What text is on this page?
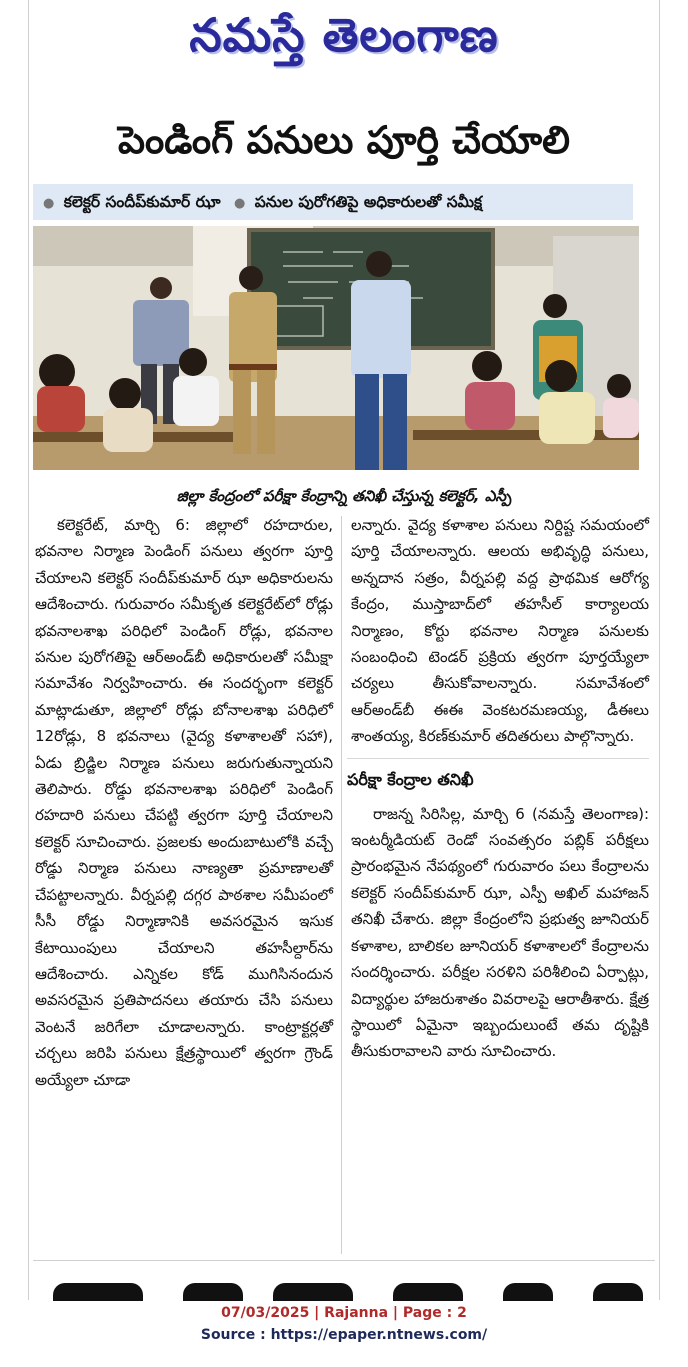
నమస్తే తెలంగాణ
పెండింగ్ పనులు పూర్తి చేయాలి
● కలెక్టర్ సందీప్‌కుమార్ ఝా ● పనుల పురోగతిపై అధికారులతో సమీక్ష
జిల్లా కేంద్రంలో పరీక్షా కేంద్రాన్ని తనిఖీ చేస్తున్న కలెక్టర్, ఎస్పీ

కలెక్టరేట్, మార్చి 6: జిల్లాలో రహదారుల, భవనాల నిర్మాణ పెండింగ్ పనులు త్వరగా పూర్తి చేయాలని కలెక్టర్ సందీప్‌కుమార్ ఝా అధికారులను ఆదేశించారు. గురువారం సమీకృత కలెక్టరేట్‌లో రోడ్లు భవనాలశాఖ పరిధిలో పెండింగ్ రోడ్లు, భవనాల పనుల పురోగతిపై ఆర్‌అండ్‌బీ అధికారులతో సమీక్షా సమావేశం నిర్వహించారు. ఈ సందర్భంగా కలెక్టర్ మాట్లాడుతూ, జిల్లాలో రోడ్లు బోనాలశాఖ పరిధిలో 12రోడ్లు, 8 భవనాలు (వైద్య కళాశాలతో సహా), ఏడు బ్రిడ్జిల నిర్మాణ పనులు జరుగుతున్నాయని తెలిపారు. రోడ్డు భవనాలశాఖ పరిధిలో పెండింగ్ రహదారి పనులు చేపట్టి త్వరగా పూర్తి చేయాలని కలెక్టర్ సూచించారు. ప్రజలకు అందుబాటులోకి వచ్చే రోడ్డు నిర్మాణ పనులు నాణ్యతా ప్రమాణాలతో చేపట్టాలన్నారు. వీర్నపల్లి దగ్గర పాఠశాల సమీపంలో సీసీ రోడ్డు నిర్మాణానికి అవసరమైన ఇసుక కేటాయింపులు చేయాలని తహసీల్దార్‌ను ఆదేశించారు. ఎన్నికల కోడ్ ముగిసినందున అవసరమైన ప్రతిపాదనలు తయారు చేసి పనులు వెంటనే జరిగేలా చూడాలన్నారు. కాంట్రాక్టర్లతో చర్చలు జరిపి పనులు క్షేత్రస్థాయిలో త్వరగా గ్రౌండ్ అయ్యేలా చూడా

లన్నారు. వైద్య కళాశాల పనులు నిర్దిష్ట సమయంలో పూర్తి చేయాలన్నారు. ఆలయ అభివృద్ధి పనులు, అన్నదాన సత్రం, వీర్నపల్లి వద్ద ప్రాథమిక ఆరోగ్య కేంద్రం, ముస్తాబాద్‌లో తహసీల్ కార్యాలయ నిర్మాణం, కోర్టు భవనాల నిర్మాణ పనులకు సంబంధించి టెండర్ ప్రక్రియ త్వరగా పూర్తయ్యేలా చర్యలు తీసుకోవాలన్నారు. సమావేశంలో ఆర్‌అండ్‌బీ ఈఈ వెంకటరమణయ్య, డీఈలు శాంతయ్య, కిరణ్‌కుమార్ తదితరులు పాల్గొన్నారు.

పరీక్షా కేంద్రాల తనిఖీ

రాజన్న సిరిసిల్ల, మార్చి 6 (నమస్తే తెలంగాణ): ఇంటర్మీడియట్ రెండో సంవత్సరం పబ్లిక్ పరీక్షలు ప్రారంభమైన నేపథ్యంలో గురువారం పలు కేంద్రాలను కలెక్టర్ సందీప్‌కుమార్ ఝా, ఎస్పీ అఖిల్ మహాజన్ తనిఖీ చేశారు. జిల్లా కేంద్రంలోని ప్రభుత్వ జూనియర్ కళాశాల, బాలికల జూనియర్ కళాశాలలో కేంద్రాలను సందర్శించారు. పరీక్షల సరళిని పరిశీలించి ఏర్పాట్లు, విద్యార్థుల హాజరుశాతం వివరాలపై ఆరాతీశారు. క్షేత్ర స్థాయిలో ఏమైనా ఇబ్బందులుంటే తమ దృష్టికి తీసుకురావాలని వారు సూచించారు.

07/03/2025 | Rajanna | Page : 2
Source : https://epaper.ntnews.com/
